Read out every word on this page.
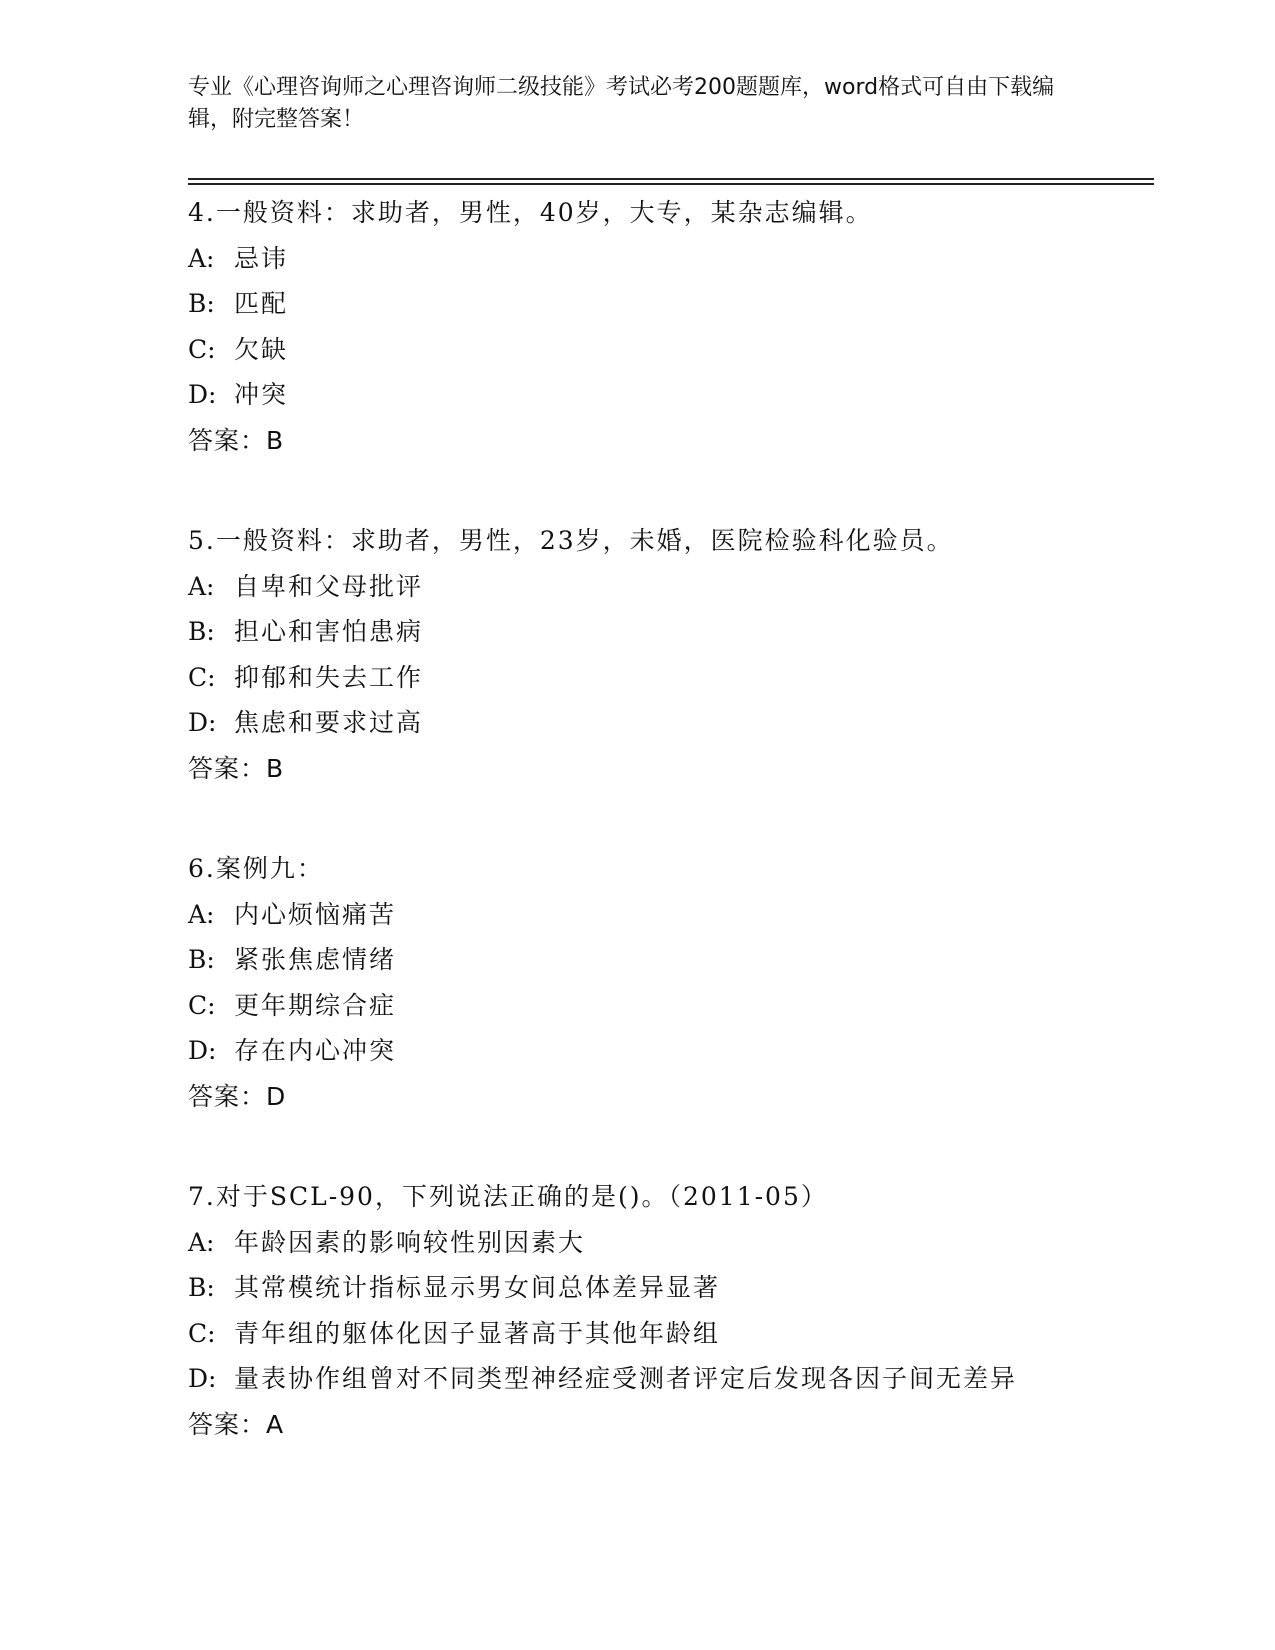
专业《心理咨询师之心理咨询师二级技能》考试必考200题题库，word格式可自由下载编辑，附完整答案！
4.一般资料：求助者，男性，40岁，大专，某杂志编辑。
A: 忌讳
B: 匹配
C: 欠缺
D: 冲突
答案：B
5.一般资料：求助者，男性，23岁，未婚，医院检验科化验员。
A: 自卑和父母批评
B: 担心和害怕患病
C: 抑郁和失去工作
D: 焦虑和要求过高
答案：B
6.案例九：
A: 内心烦恼痛苦
B: 紧张焦虑情绪
C: 更年期综合症
D: 存在内心冲突
答案：D
7.对于SCL-90，下列说法正确的是()。（2011-05）
A: 年龄因素的影响较性别因素大
B: 其常模统计指标显示男女间总体差异显著
C: 青年组的躯体化因子显著高于其他年龄组
D: 量表协作组曾对不同类型神经症受测者评定后发现各因子间无差异
答案：A
